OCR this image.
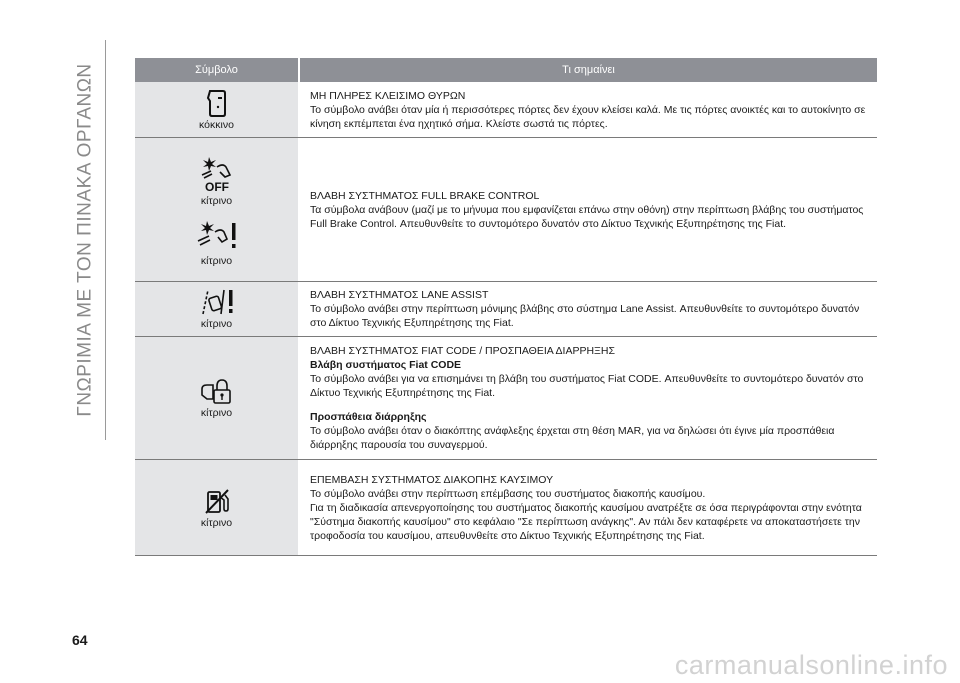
ΓΝΩΡΙΜΙΑ ΜΕ ΤΟΝ ΠΙΝΑΚΑ ΟΡΓΑΝΩΝ	Σύμβολο	Τι σημαίνει
κόκκινο

ΜΗ ΠΛΗΡΕΣ ΚΛΕΙΣΙΜΟ ΘΥΡΩΝ

Το σύμβολο ανάβει όταν μία ή περισσότερες πόρτες δεν έχουν κλείσει καλά. Με τις πόρτες ανοικτές και το αυτοκίνητο σε κίνηση εκπέμπεται ένα ηχητικό σήμα. Κλείστε σωστά τις πόρτες.

OFF
κίτρινο
κίτρινο

ΒΛΑΒΗ ΣΥΣΤΗΜΑΤΟΣ FULL BRAKE CONTROL

Τα σύμβολα ανάβουν (μαζί με το μήνυμα που εμφανίζεται επάνω στην οθόνη) στην περίπτωση βλάβης του συστήματος Full Brake Control. Απευθυνθείτε το συντομότερο δυνατόν στο Δίκτυο Τεχνικής Εξυπηρέτησης της Fiat.

κίτρινο

ΒΛΑΒΗ ΣΥΣΤΗΜΑΤΟΣ LANE ASSIST

Το σύμβολο ανάβει στην περίπτωση μόνιμης βλάβης στο σύστημα Lane Assist. Απευθυνθείτε το συντομότερο δυνατόν στο Δίκτυο Τεχνικής Εξυπηρέτησης της Fiat.

κίτρινο

ΒΛΑΒΗ ΣΥΣΤΗΜΑΤΟΣ FIAT CODE / ΠΡΟΣΠΑΘΕΙΑ ΔΙΑΡΡΗΞΗΣ

Βλάβη συστήματος Fiat CODE

Το σύμβολο ανάβει για να επισημάνει τη βλάβη του συστήματος Fiat CODE. Απευθυνθείτε το συντομότερο δυνατόν στο Δίκτυο Τεχνικής Εξυπηρέτησης της Fiat.

Προσπάθεια διάρρηξης

Το σύμβολο ανάβει όταν ο διακόπτης ανάφλεξης έρχεται στη θέση MAR, για να δηλώσει ότι έγινε μία προσπάθεια διάρρηξης παρουσία του συναγερμού.

κίτρινο

ΕΠΕΜΒΑΣΗ ΣΥΣΤΗΜΑΤΟΣ ΔΙΑΚΟΠΗΣ ΚΑΥΣΙΜΟΥ

Το σύμβολο ανάβει στην περίπτωση επέμβασης του συστήματος διακοπής καυσίμου.

Για τη διαδικασία απενεργοποίησης του συστήματος διακοπής καυσίμου ανατρέξτε σε όσα περιγράφονται στην ενότητα "Σύστημα διακοπής καυσίμου" στο κεφάλαιο "Σε περίπτωση ανάγκης". Αν πάλι δεν καταφέρετε να αποκαταστήσετε την τροφοδοσία του καυσίμου, απευθυνθείτε στο Δίκτυο Τεχνικής Εξυπηρέτησης της Fiat.

64
carmanualsonline.info
